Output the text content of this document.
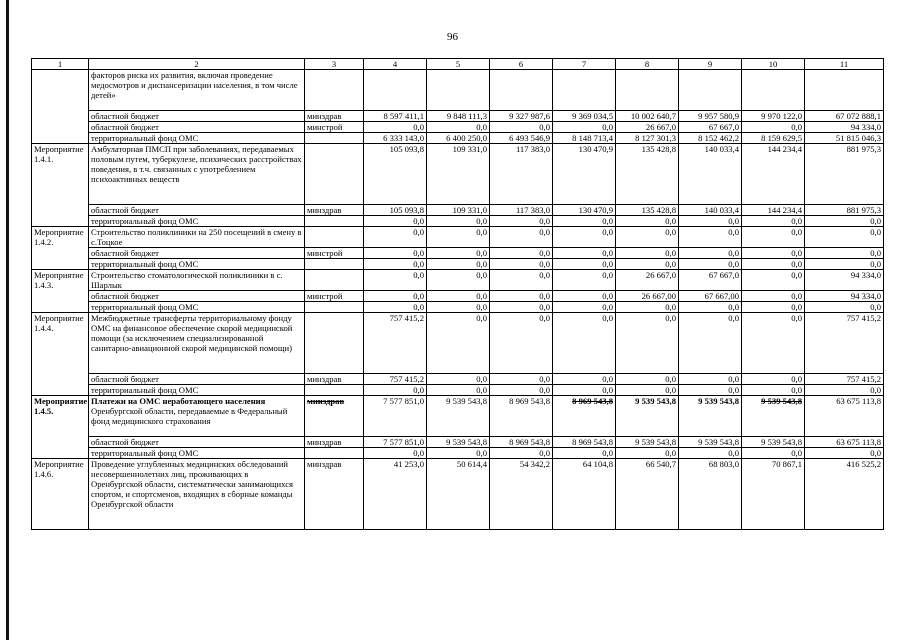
96
1	2	3	4	5	6	7	8	9	10	11
	факторов риска их развития, включая проведение медосмотров и диспансеризации населения, в том числе детей»									
	областной бюджет	минздрав	8 597 411,1	9 848 111,3	9 327 987,6	9 369 034,5	10 002 640,7	9 957 580,9	9 970 122,0	67 072 888,1
	областной бюджет	минстрой	0,0	0,0	0,0	0,0	26 667,0	67 667,0	0,0	94 334,0
	территориальный фонд ОМС		6 333 143,0	6 400 250,0	6 493 546,9	8 148 713,4	8 127 301,3	8 152 462,2	8 159 629,5	51 815 046,3
Мероприятие 1.4.1.	Амбулаторная ПМСП при заболеваниях, передаваемых половым путем, туберкулезе, психических расстройствах поведения, в т.ч. связанных с употреблением психоактивных веществ		105 093,8	109 331,0	117 383,0	130 470,9	135 428,8	140 033,4	144 234,4	881 975,3
	областной бюджет	минздрав	105 093,8	109 331,0	117 383,0	130 470,9	135 428,8	140 033,4	144 234,4	881 975,3
	территориальный фонд ОМС		0,0	0,0	0,0	0,0	0,0	0,0	0,0	0,0
Мероприятие 1.4.2.	Строительство поликлиники на 250 посещений в смену в с.Тоцкое		0,0	0,0	0,0	0,0	0,0	0,0	0,0	0,0
	областной бюджет	минстрой	0,0	0,0	0,0	0,0	0,0	0,0	0,0	0,0
	территориальный фонд ОМС		0,0	0,0	0,0	0,0	0,0	0,0	0,0	0,0
Мероприятие 1.4.3.	Строительство стоматологической поликлиники в с. Шарлык		0,0	0,0	0,0	0,0	26 667,0	67 667,0	0,0	94 334,0
	областной бюджет	минстрой	0,0	0,0	0,0	0,0	26 667,00	67 667,00	0,0	94 334,0
	территориальный фонд ОМС		0,0	0,0	0,0	0,0	0,0	0,0	0,0	0,0
Мероприятие 1.4.4.	Межбюджетные трансферты территориальному фонду ОМС на финансовое обеспечение скорой медицинской помощи (за исключением специализированной санитарно-авиационной скорой медицинской помощи)		757 415,2	0,0	0,0	0,0	0,0	0,0	0,0	757 415,2
	областной бюджет	минздрав	757 415,2	0,0	0,0	0,0	0,0	0,0	0,0	757 415,2
	территориальный фонд ОМС		0,0	0,0	0,0	0,0	0,0	0,0	0,0	0,0
Мероприятие 1.4.5.	Платежи на ОМС неработающего населения Оренбургской области, передаваемые в Федеральный фонд медицинского страхования	минздрав	7 577 851,0	9 539 543,8	8 969 543,8	8 969 543,8	9 539 543,8	9 539 543,8	9 539 543,8	63 675 113,8
	областной бюджет	минздрав	7 577 851,0	9 539 543,8	8 969 543,8	8 969 543,8	9 539 543,8	9 539 543,8	9 539 543,8	63 675 113,8
	территориальный фонд ОМС		0,0	0,0	0,0	0,0	0,0	0,0	0,0	0,0
Мероприятие 1.4.6.	Проведение углубленных медицинских обследований несовершеннолетних лиц, проживающих в Оренбургской области, систематически занимающихся спортом, и спортсменов, входящих в сборные команды Оренбургской области	минздрав	41 253,0	50 614,4	54 342,2	64 104,8	66 540,7	68 803,0	70 867,1	416 525,2
